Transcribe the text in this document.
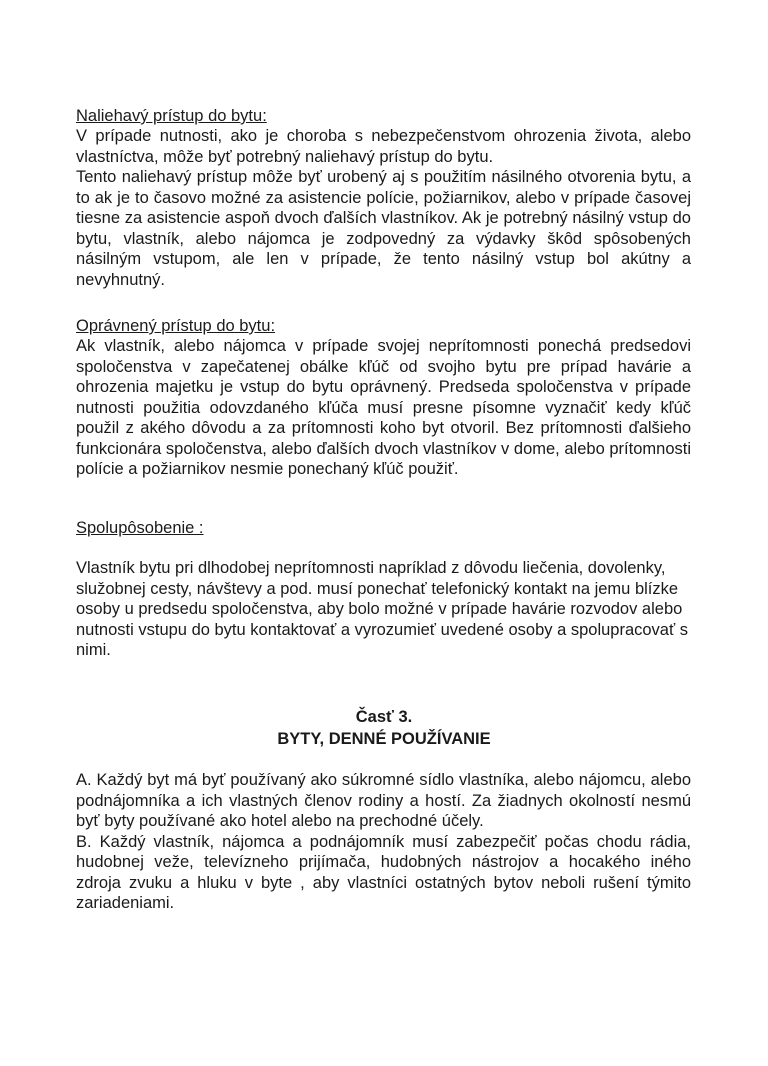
Naliehavý prístup do bytu:

V prípade nutnosti, ako je choroba s nebezpečenstvom ohrozenia života, alebo vlastníctva, môže byť potrebný naliehavý prístup do bytu.

Tento naliehavý prístup môže byť urobený aj s použitím násilného otvorenia bytu, a to ak je to časovo možné za asistencie polície, požiarnikov, alebo v prípade časovej tiesne za asistencie aspoň dvoch ďalších vlastníkov. Ak je potrebný násilný vstup do bytu, vlastník, alebo nájomca je zodpovedný za výdavky škôd spôsobených násilným vstupom, ale len v prípade, že tento násilný vstup bol akútny a nevyhnutný.

Oprávnený prístup do bytu:

Ak vlastník, alebo nájomca v prípade svojej neprítomnosti ponechá predsedovi spoločenstva v zapečatenej obálke kľúč od svojho bytu pre prípad havárie a ohrozenia majetku je vstup do bytu oprávnený. Predseda spoločenstva v prípade nutnosti použitia odovzdaného kľúča musí presne písomne vyznačiť kedy kľúč použil z akého dôvodu a za prítomnosti koho byt otvoril. Bez prítomnosti ďalšieho funkcionára spoločenstva, alebo ďalších dvoch vlastníkov v dome, alebo prítomnosti polície a požiarnikov nesmie ponechaný kľúč použiť.

Spolupôsobenie :

Vlastník bytu pri dlhodobej neprítomnosti napríklad z dôvodu liečenia, dovolenky, služobnej cesty, návštevy a pod. musí ponechať telefonický kontakt na jemu blízke osoby u predsedu spoločenstva, aby bolo možné v prípade havárie rozvodov alebo nutnosti vstupu do bytu kontaktovať a vyrozumieť uvedené osoby a spolupracovať s nimi.

Časť 3.
BYTY, DENNÉ POUŽÍVANIE

A. Každý byt má byť používaný ako súkromné sídlo vlastníka, alebo nájomcu, alebo podnájomníka a ich vlastných členov rodiny a hostí. Za žiadnych okolností nesmú byť byty používané ako hotel alebo na prechodné účely.

B. Každý vlastník, nájomca a podnájomník musí zabezpečiť počas chodu rádia, hudobnej veže, televízneho prijímača, hudobných nástrojov a hocakého iného zdroja zvuku a hluku v byte , aby vlastníci ostatných bytov neboli rušení týmito zariadeniami.
